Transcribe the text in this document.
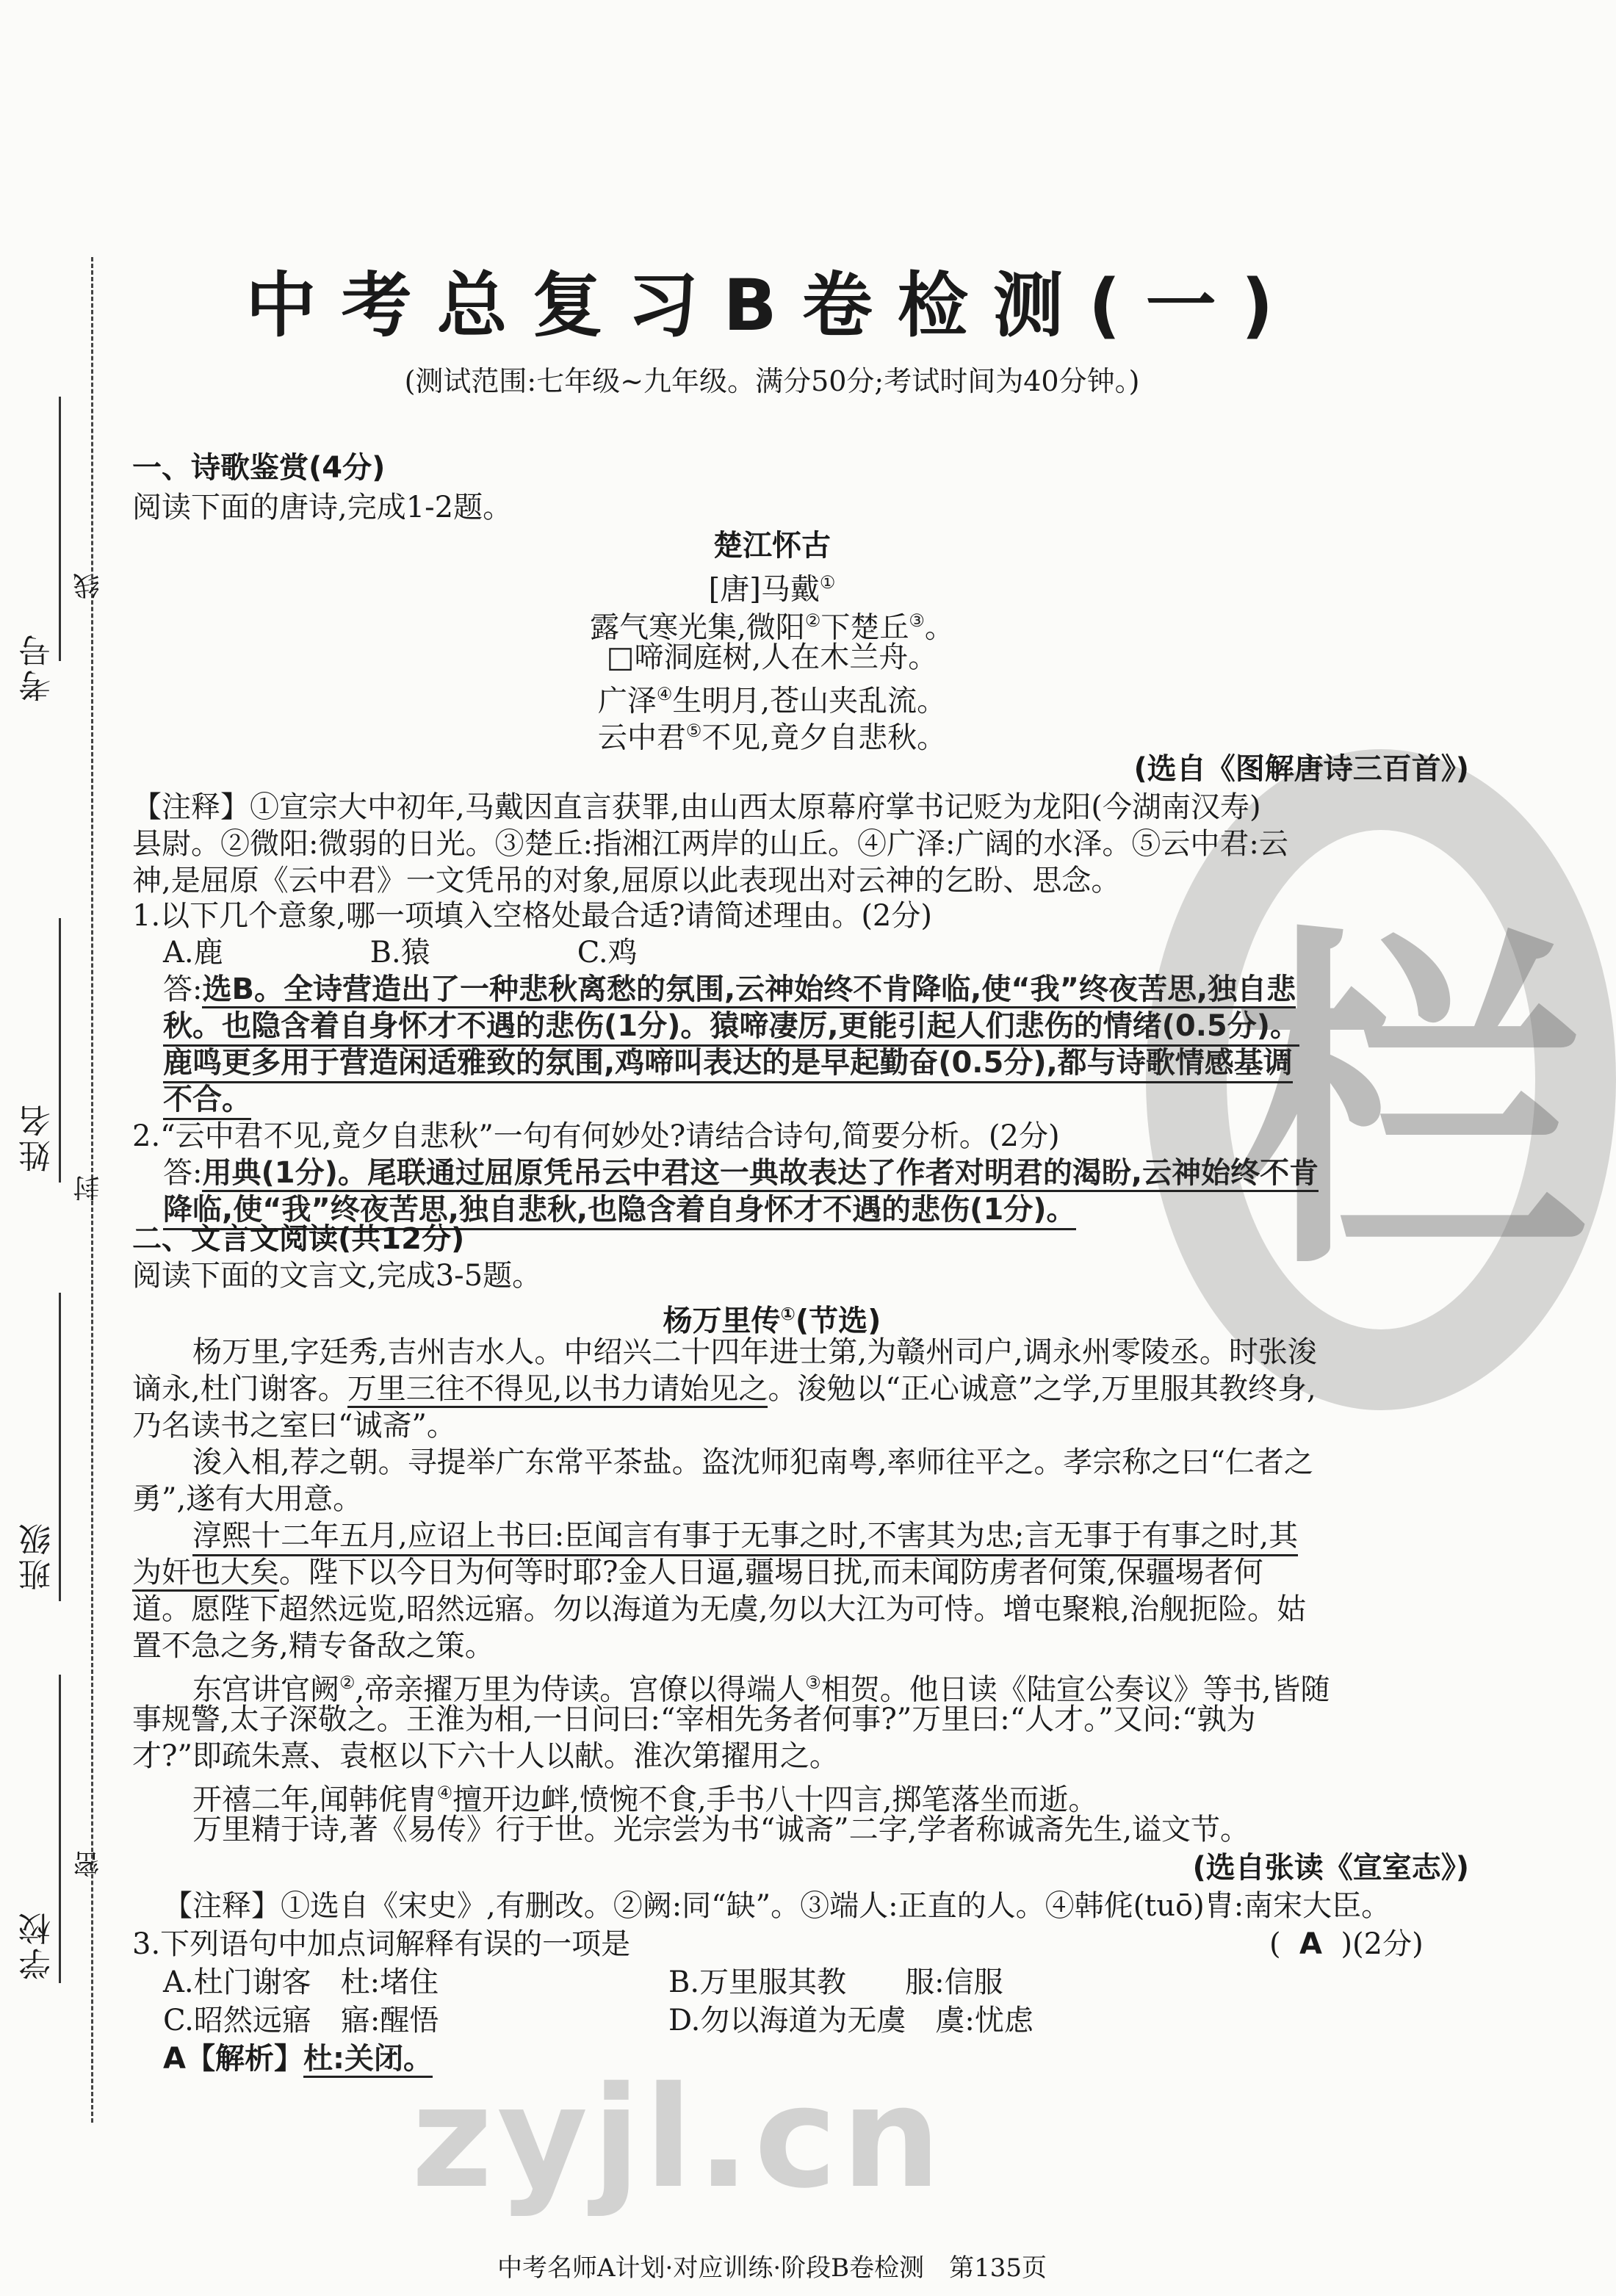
考号
线
姓名
封
班级
学校
密
栏
中考总复习B卷检测(一)
(测试范围:七年级~九年级。满分50分;考试时间为40分钟。)
一、诗歌鉴赏(4分)
阅读下面的唐诗,完成1-2题。
楚江怀古
[唐]马戴①
露气寒光集,微阳②下楚丘③。
□啼洞庭树,人在木兰舟。
广泽④生明月,苍山夹乱流。
云中君⑤不见,竟夕自悲秋。
(选自《图解唐诗三百首》)
【注释】①宣宗大中初年,马戴因直言获罪,由山西太原幕府掌书记贬为龙阳(今湖南汉寿)
县尉。②微阳:微弱的日光。③楚丘:指湘江两岸的山丘。④广泽:广阔的水泽。⑤云中君:云
神,是屈原《云中君》一文凭吊的对象,屈原以此表现出对云神的乞盼、思念。
1.以下几个意象,哪一项填入空格处最合适?请简述理由。(2分)
A.鹿　　　　　B.猿　　　　　C.鸡
答:选B。全诗营造出了一种悲秋离愁的氛围,云神始终不肯降临,使“我”终夜苦思,独自悲
秋。也隐含着自身怀才不遇的悲伤(1分)。猿啼凄厉,更能引起人们悲伤的情绪(0.5分)。
鹿鸣更多用于营造闲适雅致的氛围,鸡啼叫表达的是早起勤奋(0.5分),都与诗歌情感基调
不合。
2.“云中君不见,竟夕自悲秋”一句有何妙处?请结合诗句,简要分析。(2分)
答:用典(1分)。尾联通过屈原凭吊云中君这一典故表达了作者对明君的渴盼,云神始终不肯
降临,使“我”终夜苦思,独自悲秋,也隐含着自身怀才不遇的悲伤(1分)。
二、文言文阅读(共12分)
阅读下面的文言文,完成3-5题。
杨万里传①(节选)
杨万里,字廷秀,吉州吉水人。中绍兴二十四年进士第,为赣州司户,调永州零陵丞。时张浚
谪永,杜门谢客。万里三往不得见,以书力请始见之。浚勉以“正心诚意”之学,万里服其教终身,
乃名读书之室曰“诚斋”。
浚入相,荐之朝。寻提举广东常平茶盐。盗沈师犯南粤,率师往平之。孝宗称之曰“仁者之
勇”,遂有大用意。
淳熙十二年五月,应诏上书曰:臣闻言有事于无事之时,不害其为忠;言无事于有事之时,其
为奸也大矣。陛下以今日为何等时耶?金人日逼,疆埸日扰,而未闻防虏者何策,保疆埸者何
道。愿陛下超然远览,昭然远寤。勿以海道为无虞,勿以大江为可恃。增屯聚粮,治舰扼险。姑
置不急之务,精专备敌之策。
东宫讲官阙②,帝亲擢万里为侍读。宫僚以得端人③相贺。他日读《陆宣公奏议》等书,皆随
事规警,太子深敬之。王淮为相,一日问曰:“宰相先务者何事?”万里曰:“人才。”又问:“孰为
才?”即疏朱熹、袁枢以下六十人以献。淮次第擢用之。
开禧二年,闻韩侂胄④擅开边衅,愤惋不食,手书八十四言,掷笔落坐而逝。
万里精于诗,著《易传》行于世。光宗尝为书“诚斋”二字,学者称诚斋先生,谥文节。
(选自张读《宣室志》)
【注释】①选自《宋史》,有删改。②阙:同“缺”。③端人:正直的人。④韩侂(tuō)胄:南宋大臣。
3.下列语句中加点词解释有误的一项是	( A )(2分)
A.杜门谢客　杜:堵住	B.万里服其教　　服:信服
C.昭然远寤　寤:醒悟	D.勿以海道为无虞　虞:忧虑
A【解析】杜:关闭。
zyjl.cn
中考名师A计划·对应训练·阶段B卷检测　第135页
